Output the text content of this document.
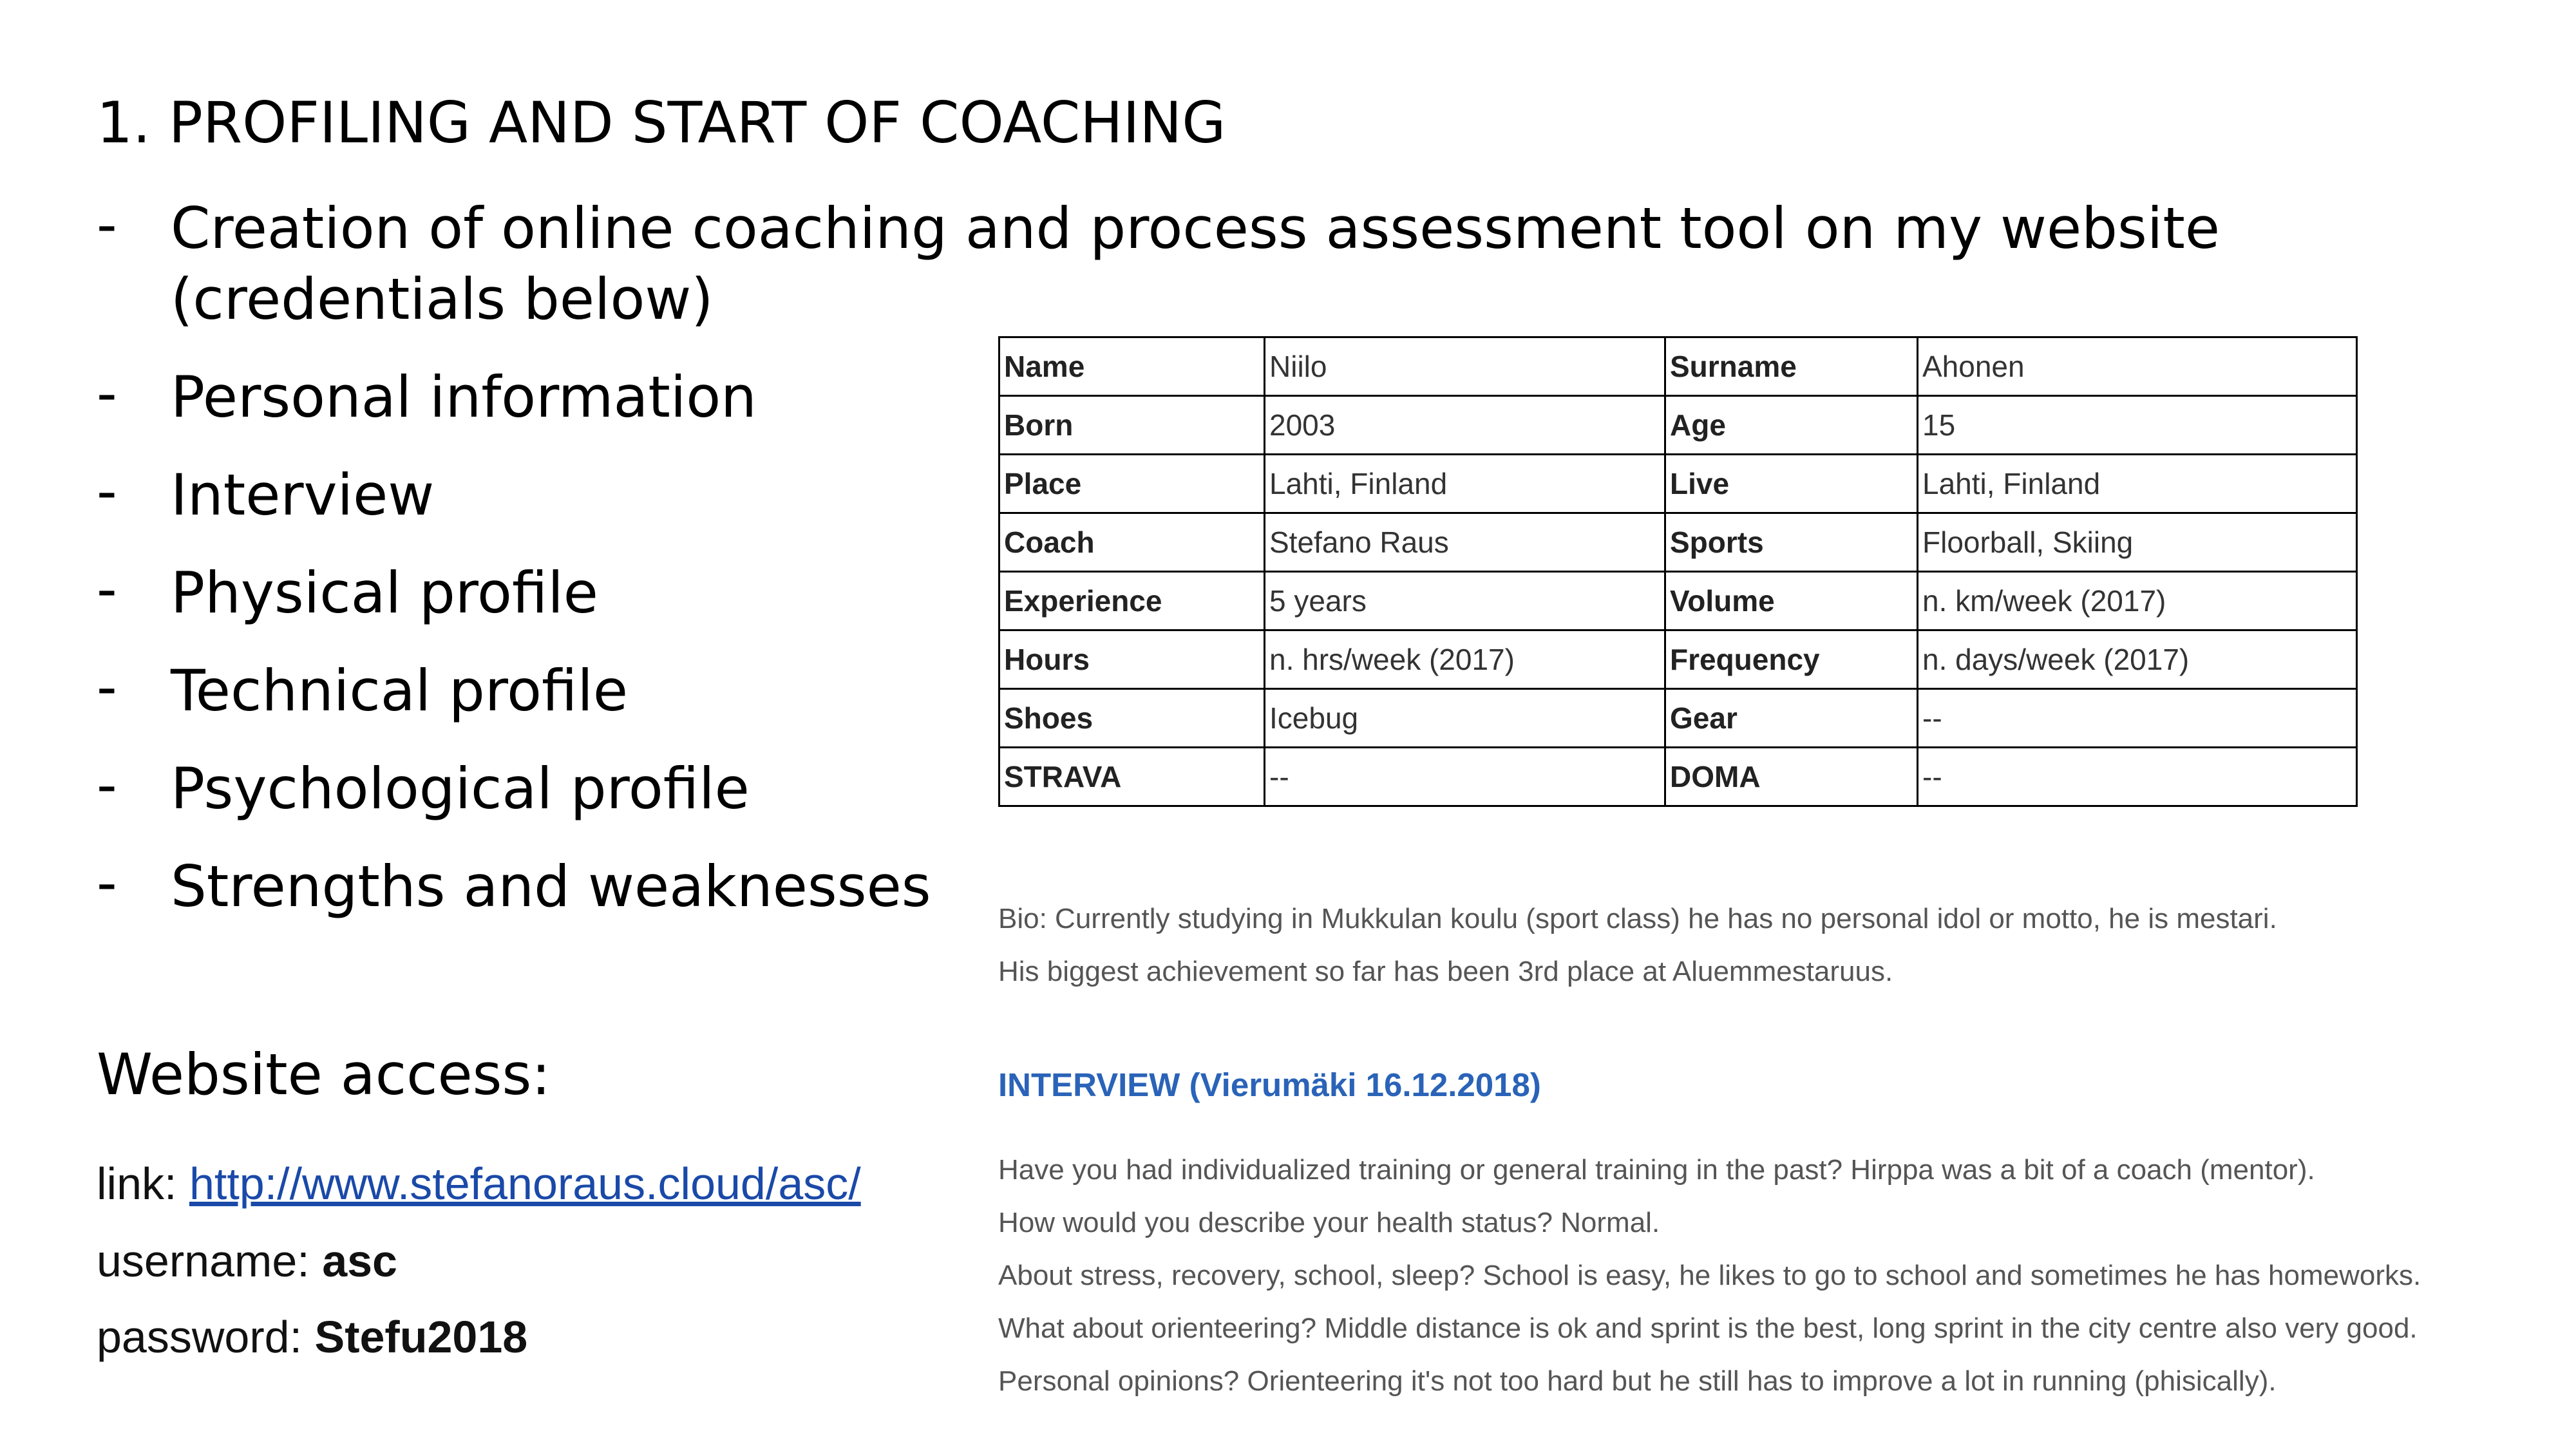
1. PROFILING AND START OF COACHING
- Creation of online coaching and process assessment tool on my website (credentials below)
- Personal information
- Interview
- Physical profile
- Technical profile
- Psychological profile
- Strengths and weaknesses
Website access:
link: http://www.stefanoraus.cloud/asc/
username: asc
password: Stefu2018
Name	Niilo	Surname	Ahonen
Born	2003	Age	15
Place	Lahti, Finland	Live	Lahti, Finland
Coach	Stefano Raus	Sports	Floorball, Skiing
Experience	5 years	Volume	n. km/week (2017)
Hours	n. hrs/week (2017)	Frequency	n. days/week (2017)
Shoes	Icebug	Gear	--
STRAVA	--	DOMA	--
Bio: Currently studying in Mukkulan koulu (sport class) he has no personal idol or motto, he is mestari.
His biggest achievement so far has been 3rd place at Aluemmestaruus.
INTERVIEW (Vierumäki 16.12.2018)
Have you had individualized training or general training in the past? Hirppa was a bit of a coach (mentor).
How would you describe your health status? Normal.
About stress, recovery, school, sleep? School is easy, he likes to go to school and sometimes he has homeworks.
What about orienteering? Middle distance is ok and sprint is the best, long sprint in the city centre also very good.
Personal opinions? Orienteering it's not too hard but he still has to improve a lot in running (phisically).
